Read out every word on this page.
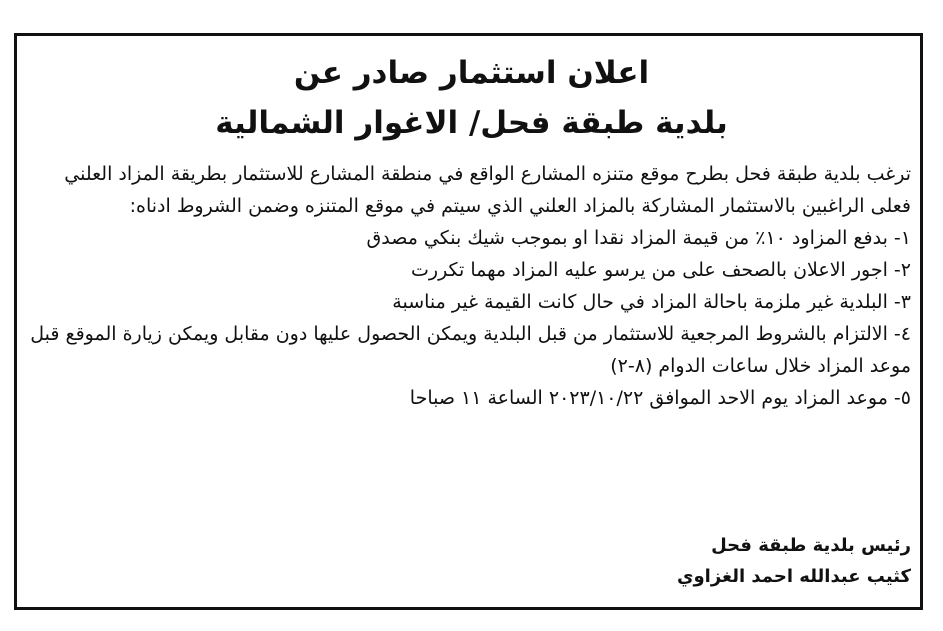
اعلان استثمار صادر عن

بلدية طبقة فحل/ الاغوار الشمالية

ترغب بلدية طبقة فحل بطرح موقع متنزه المشارع الواقع في منطقة المشارع للاستثمار بطريقة المزاد العلني

فعلى الراغبين بالاستثمار المشاركة بالمزاد العلني الذي سيتم في موقع المتنزه وضمن الشروط ادناه:

١- بدفع المزاود ١٠٪ من قيمة المزاد نقدا او بموجب شيك بنكي مصدق
٢- اجور الاعلان بالصحف على من يرسو عليه المزاد مهما تكررت
٣- البلدية غير ملزمة باحالة المزاد في حال كانت القيمة غير مناسبة
٤- الالتزام بالشروط المرجعية للاستثمار من قبل البلدية ويمكن الحصول عليها دون مقابل ويمكن زيارة الموقع قبل موعد المزاد خلال ساعات الدوام (٨-٢)
٥- موعد المزاد يوم الاحد الموافق ٢٠٢٣/١٠/٢٢ الساعة ١١ صباحا
رئيس بلدية طبقة فحل
كثيب عبدالله احمد الغزاوي
